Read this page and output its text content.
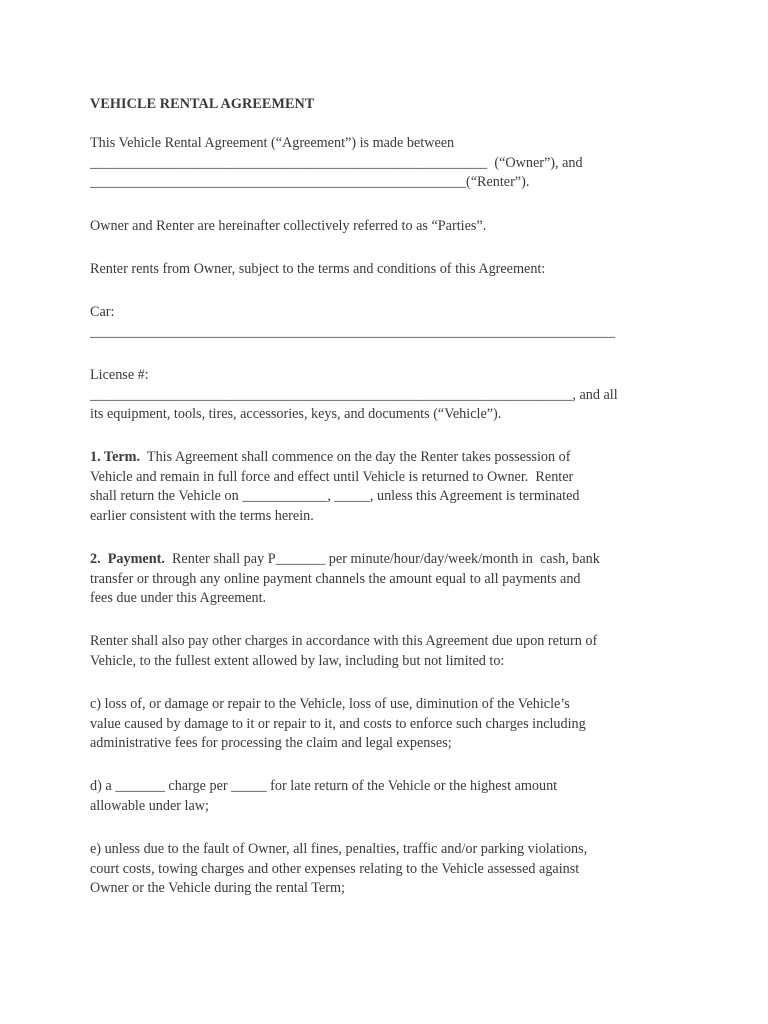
VEHICLE RENTAL AGREEMENT

This Vehicle Rental Agreement (“Agreement”) is made between
________________________________________________________  (“Owner”), and
_____________________________________________________(“Renter”).

Owner and Renter are hereinafter collectively referred to as “Parties”.

Renter rents from Owner, subject to the terms and conditions of this Agreement:

Car:
__________________________________________________________________________

License #:
____________________________________________________________________, and all
its equipment, tools, tires, accessories, keys, and documents (“Vehicle”).

1. Term.  This Agreement shall commence on the day the Renter takes possession of
Vehicle and remain in full force and effect until Vehicle is returned to Owner.  Renter
shall return the Vehicle on ____________, _____, unless this Agreement is terminated
earlier consistent with the terms herein.

2.  Payment.  Renter shall pay P_______ per minute/hour/day/week/month in  cash, bank
transfer or through any online payment channels the amount equal to all payments and
fees due under this Agreement.

Renter shall also pay other charges in accordance with this Agreement due upon return of
Vehicle, to the fullest extent allowed by law, including but not limited to:

c) loss of, or damage or repair to the Vehicle, loss of use, diminution of the Vehicle’s
value caused by damage to it or repair to it, and costs to enforce such charges including
administrative fees for processing the claim and legal expenses;

d) a _______ charge per _____ for late return of the Vehicle or the highest amount
allowable under law;

e) unless due to the fault of Owner, all fines, penalties, traffic and/or parking violations,
court costs, towing charges and other expenses relating to the Vehicle assessed against
Owner or the Vehicle during the rental Term;
